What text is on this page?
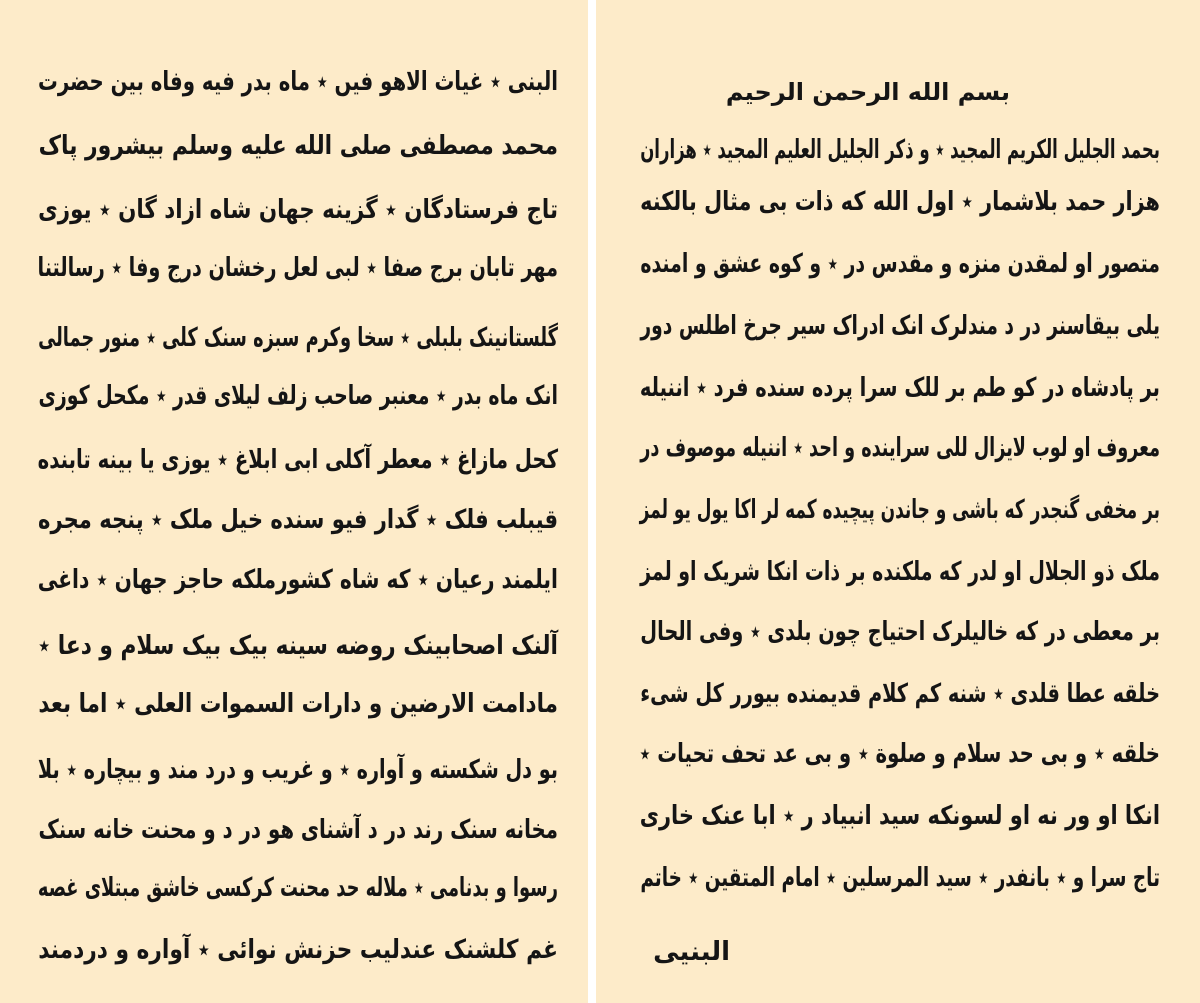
البنی ٭ غیاث الاهو فیں ٭ ماه بدر فیه وفاه بین حضرت
محمد مصطفی صلی الله علیه وسلم بیشرور پاک
تاج فرستادگان ٭ گزینه جهان شاه ازاد گان ٭ یوزی
مهر تابان برج صفا ٭ لبی لعل رخشان درج وفا ٭ رسالتنا
گلستانینک بلبلی ٭ سخا وکرم سبزه سنک کلی ٭ منور جمالی
انک ماه بدر ٭ معنبر صاحب زلف لیلای قدر ٭ مکحل کوزی
کحل مازاغ ٭ معطر آکلی ابی ابلاغ ٭ یوزی یا بینه تابنده
قیبلب فلک ٭ گدار فیو سنده خیل ملک ٭ پنجه مجره
ایلمند رعیان ٭ که شاه کشورملکه حاجز جهان ٭ داغی
آلنک اصحابینک روضه سینه بیک بیک سلام و دعا ٭
مادامت الارضین و دارات السموات العلی ٭ اما بعد
بو دل شکسته و آواره ٭ و غریب و درد مند و بیچاره ٭ بلا
مخانه سنک رند در د آشنای هو در د و محنت خانه سنک
رسوا و بدنامی ٭ ملاله حد محنت کرکسی خاشق مبتلای غصه
غم کلشنک عندلیب حزنش نوائی ٭ آواره و دردمند
بسم الله الرحمن الرحیم
بحمد الجلیل الکریم المجید ٭ و ذکر الجلیل العلیم المجید ٭ هزاران
هزار حمد بلاشمار ٭ اول الله که ذات بی مثال بالکنه
متصور او لمقدن منزه و مقدس در ٭ و کوه عشق و امنده
یلی بیقاسنر در د مندلرک انک ادراک سیر جرخ اطلس دور
بر پادشاه در کو طم بر للک سرا پرده سنده فرد ٭ اننیله
معروف او لوب لایزال للی سراینده و احد ٭ اننیله موصوف در
بر مخفی گنجدر که باشی و جاندن پیچیده کمه لر اکا یول یو لمز
ملک ذو الجلال او لدر که ملکنده بر ذات انکا شریک او لمز
بر معطی در که خالیلرک احتیاج چون بلدی ٭ وفی الحال
خلقه عطا قلدی ٭ شنه کم کلام قدیمنده بیورر کل شیء
خلقه ٭ و بی حد سلام و صلوة ٭ و بی عد تحف تحیات ٭
انکا او ور نه او لسونکه سید انبیاد ر ٭ ابا عنک خاری
تاج سرا و ٭ بانفدر ٭ سید المرسلین ٭ امام المتقین ٭ خاتم
البنیی
